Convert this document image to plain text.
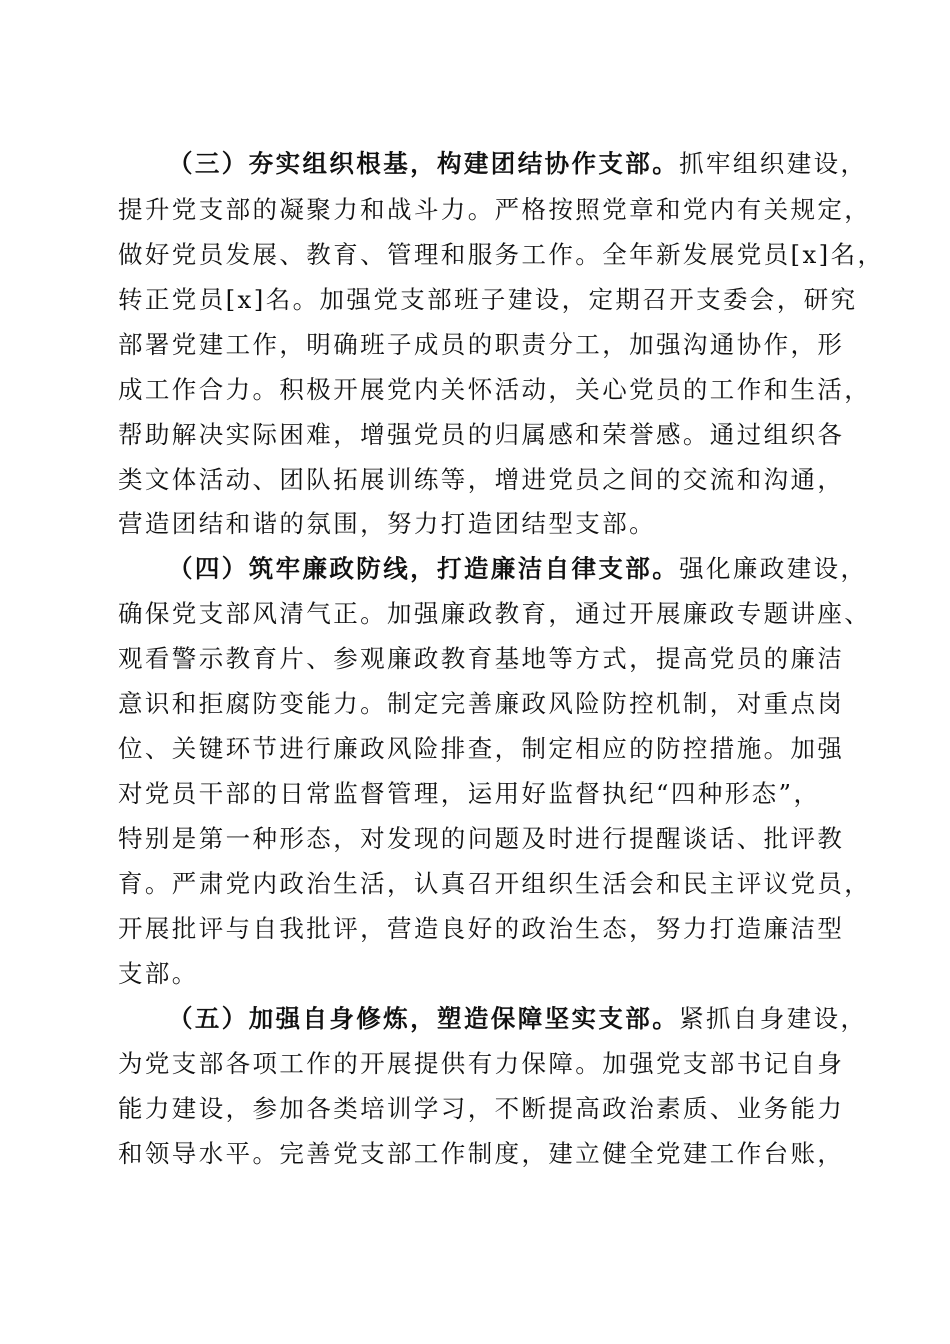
（三）夯实组织根基，构建团结协作支部。抓牢组织建设，
提升党支部的凝聚力和战斗力。严格按照党章和党内有关规定，
做好党员发展、教育、管理和服务工作。全年新发展党员[x]名，
转正党员[x]名。加强党支部班子建设，定期召开支委会，研究
部署党建工作，明确班子成员的职责分工，加强沟通协作，形
成工作合力。积极开展党内关怀活动，关心党员的工作和生活，
帮助解决实际困难，增强党员的归属感和荣誉感。通过组织各
类文体活动、团队拓展训练等，增进党员之间的交流和沟通，
营造团结和谐的氛围，努力打造团结型支部。
（四）筑牢廉政防线，打造廉洁自律支部。强化廉政建设，
确保党支部风清气正。加强廉政教育，通过开展廉政专题讲座、
观看警示教育片、参观廉政教育基地等方式，提高党员的廉洁
意识和拒腐防变能力。制定完善廉政风险防控机制，对重点岗
位、关键环节进行廉政风险排查，制定相应的防控措施。加强
对党员干部的日常监督管理，运用好监督执纪“四种形态”，
特别是第一种形态，对发现的问题及时进行提醒谈话、批评教
育。严肃党内政治生活，认真召开组织生活会和民主评议党员，
开展批评与自我批评，营造良好的政治生态，努力打造廉洁型
支部。
（五）加强自身修炼，塑造保障坚实支部。紧抓自身建设，
为党支部各项工作的开展提供有力保障。加强党支部书记自身
能力建设，参加各类培训学习，不断提高政治素质、业务能力
和领导水平。完善党支部工作制度，建立健全党建工作台账，
